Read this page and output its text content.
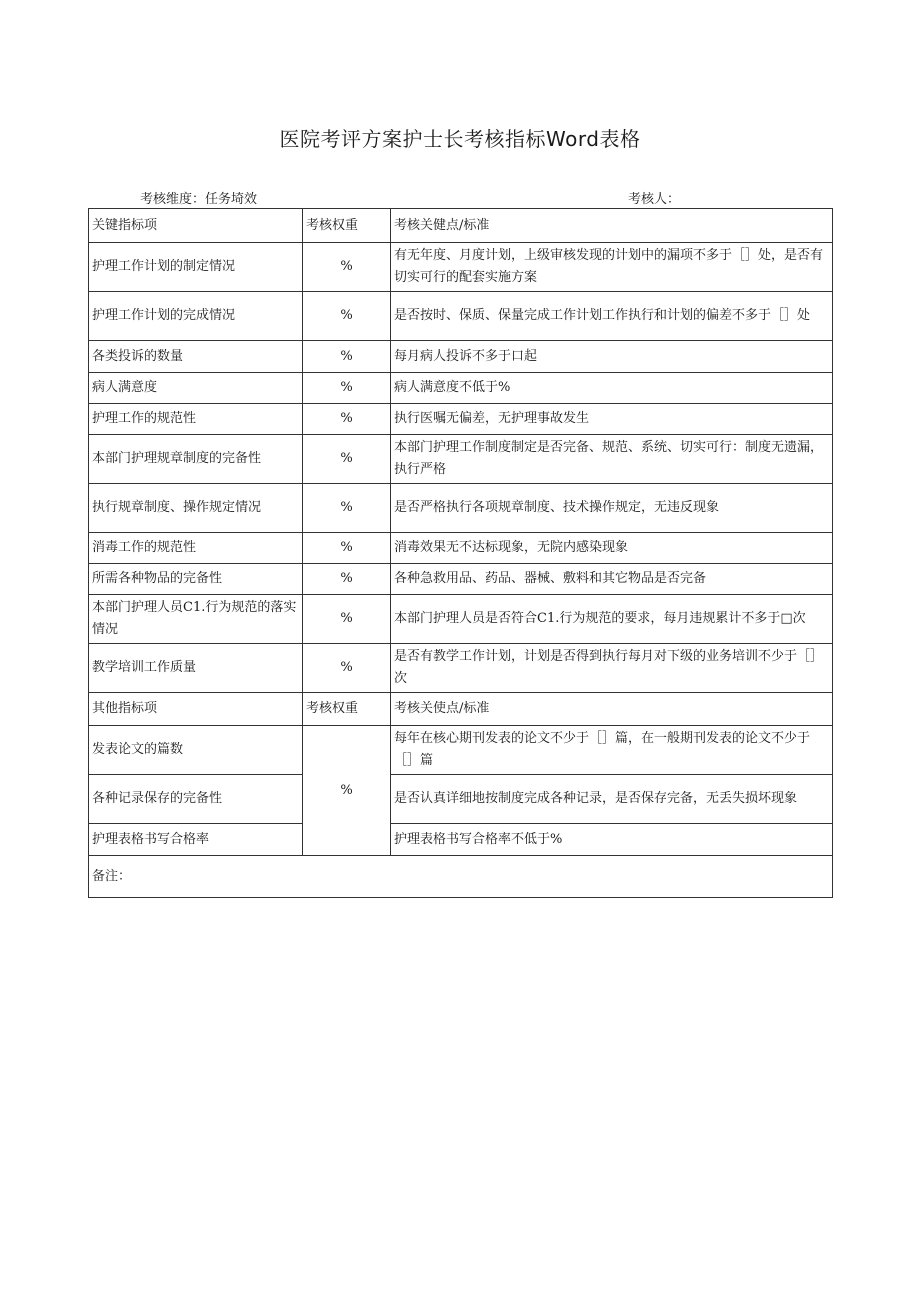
医院考评方案护士长考核指标Word表格
考核维度：任务埼效	考核人：
关键指标项	考核权重	考核关健点/标准
护理工作计划的制定情况	%	有无年度、月度计划，上级审核发现的计划中的漏项不多于［］处，是否有切实可行的配套实施方案
护理工作计划的完成情况	%	是否按时、保质、保量完成工作计划工作执行和计划的偏差不多于［］处
各类投诉的数量	%	每月病人投诉不多于口起
病人满意度	%	病人满意度不低于%
护理工作的规范性	%	执行医嘱无偏差，无护理事故发生
本部门护理规章制度的完备性	%	本部门护理工作制度制定是否完备、规范、系统、切实可行：制度无遗漏，执行严格
执行规章制度、操作规定情况	%	是否严格执行各项规章制度、技术操作规定，无违反现象
消毒工作的规范性	%	消毒效果无不达标现象，无院内感染现象
所需各种物品的完备性	%	各种急救用品、药品、器械、敷料和其它物品是否完备
本部门护理人员C1.行为规范的落实情况	%	本部门护理人员是否符合C1.行为规范的要求，每月违规累计不多于□次
教学培训工作质量	%	是否有教学工作计划，计划是否得到执行每月对下级的业务培训不少于［］次
其他指标项	考核权重	考核关使点/标准
发表论文的篇数	%	每年在核心期刊发表的论文不少于［］篇，在一般期刊发表的论文不少于［］篇
各种记录保存的完备性		是否认真详细地按制度完成各种记录，是否保存完备，无丢失损坏现象
护理表格书写合格率		护理表格书写合格率不低于%
备注：		
